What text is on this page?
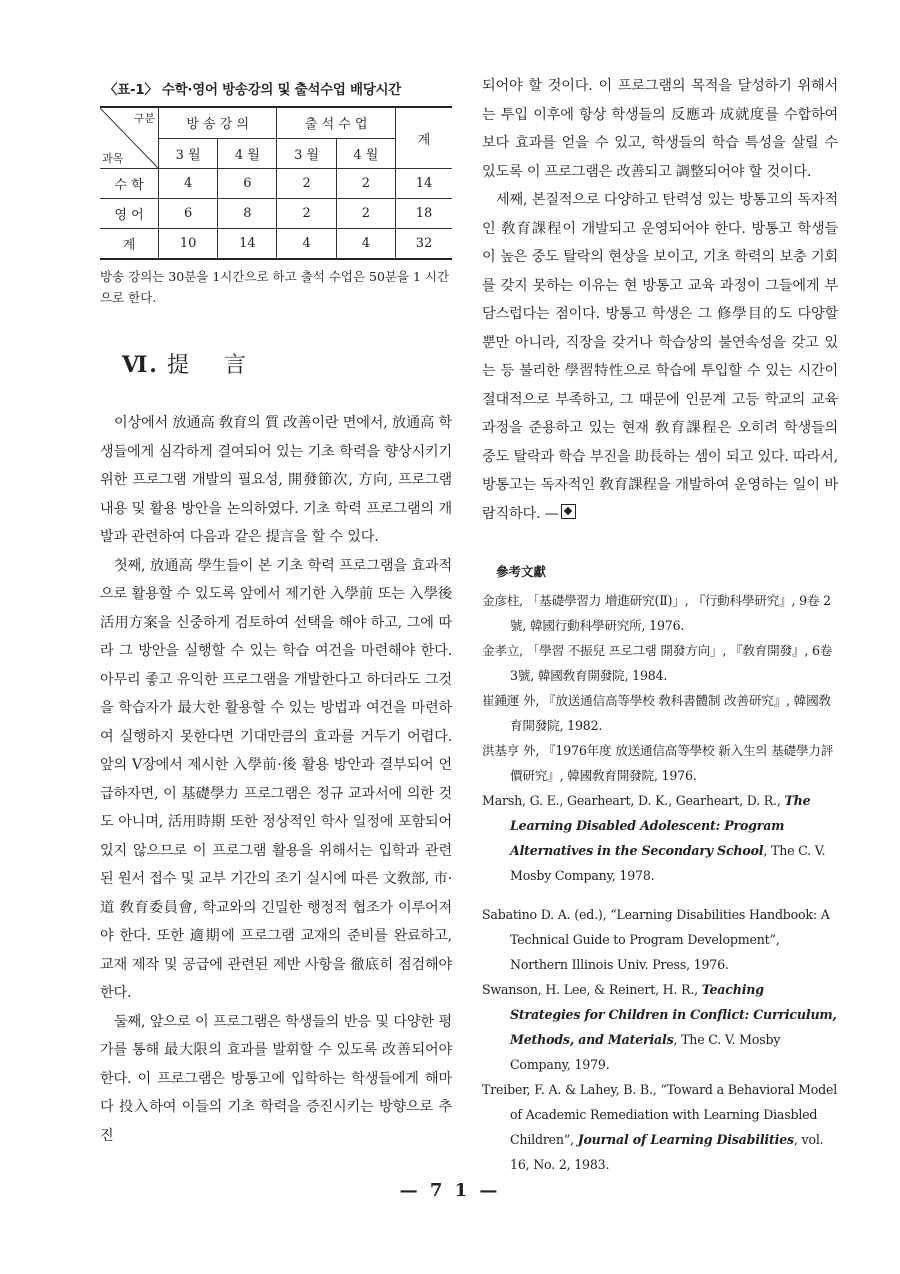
〈표-1〉 수학·영어 방송강의 및 출석수업 배당시간
구분
과목	방 송 강 의		출 석 수 업		계
	3 월	4 월	3 월	4 월	
수 학	4	6	2	2	14
영 어	6	8	2	2	18
계	10	14	4	4	32
방송 강의는 30분을 1시간으로 하고 출석 수업은 50분을 1 시간으로 한다.
Ⅵ. 提 言

이상에서 放通高 敎育의 質 改善이란 면에서, 放通高 학생들에게 심각하게 결여되어 있는 기초 학력을 향상시키기 위한 프로그램 개발의 필요성, 開發節次, 方向, 프로그램 내용 및 활용 방안을 논의하였다. 기초 학력 프로그램의 개발과 관련하여 다음과 같은 提言을 할 수 있다.

첫째, 放通高 學生들이 본 기초 학력 프로그램을 효과적으로 활용할 수 있도록 앞에서 제기한 入學前 또는 入學後 活用方案을 신중하게 검토하여 선택을 해야 하고, 그에 따라 그 방안을 실행할 수 있는 학습 여건을 마련해야 한다. 아무리 좋고 유익한 프로그램을 개발한다고 하더라도 그것을 학습자가 最大한 활용할 수 있는 방법과 여건을 마련하여 실행하지 못한다면 기대만큼의 효과를 거두기 어렵다. 앞의 V장에서 제시한 入學前·後 활용 방안과 결부되어 언급하자면, 이 基礎學力 프로그램은 정규 교과서에 의한 것도 아니며, 活用時期 또한 정상적인 학사 일정에 포함되어 있지 않으므로 이 프로그램 활용을 위해서는 입학과 관련된 원서 접수 및 교부 기간의 조기 실시에 따른 文敎部, 市·道 敎育委員會, 학교와의 긴밀한 행정적 협조가 이루어져야 한다. 또한 適期에 프로그램 교재의 준비를 완료하고, 교재 제작 및 공급에 관련된 제반 사항을 徹底히 점검해야 한다.

둘째, 앞으로 이 프로그램은 학생들의 반응 및 다양한 평가를 통해 最大限의 효과를 발휘할 수 있도록 改善되어야 한다. 이 프로그램은 방통고에 입학하는 학생들에게 해마다 投入하여 이들의 기초 학력을 증진시키는 방향으로 추진

되어야 할 것이다. 이 프로그램의 목적을 달성하기 위해서는 투입 이후에 항상 학생들의 反應과 成就度를 수합하여 보다 효과를 얻을 수 있고, 학생들의 학습 특성을 살릴 수 있도록 이 프로그램은 改善되고 調整되어야 할 것이다.

세째, 본질적으로 다양하고 탄력성 있는 방통고의 독자적인 敎育課程이 개발되고 운영되어야 한다. 방통고 학생들이 높은 중도 탈락의 현상을 보이고, 기초 학력의 보충 기회를 갖지 못하는 이유는 현 방통고 교육 과정이 그들에게 부담스럽다는 점이다. 방통고 학생은 그 修學目的도 다양할 뿐만 아니라, 직장을 갖거나 학습상의 불연속성을 갖고 있는 등 불리한 學習特性으로 학습에 투입할 수 있는 시간이 절대적으로 부족하고, 그 때문에 인문계 고등 학교의 교육과정을 준용하고 있는 현재 敎育課程은 오히려 학생들의 중도 탈락과 학습 부진을 助長하는 셈이 되고 있다. 따라서, 방통고는 독자적인 敎育課程을 개발하여 운영하는 일이 바람직하다. —

參考文獻
金彦柱, 「基礎學習力 增進研究(Ⅱ)」, 『行動科學研究』, 9卷 2號, 韓國行動科學研究所, 1976.
金孝立, 「學習 不振兒 프로그램 開發方向」, 『敎育開發』, 6卷 3號, 韓國敎育開發院, 1984.
崔鍾運 外, 『放送通信高等學校 敎科書體制 改善研究』, 韓國敎育開發院, 1982.
洪基亨 外, 『1976年度 放送通信高等學校 新入生의 基礎學力評價研究』, 韓國敎育開發院, 1976.
Marsh, G. E., Gearheart, D. K., Gearheart, D. R., The Learning Disabled Adolescent: Program Alternatives in the Secondary School, The C. V. Mosby Company, 1978.
Sabatino D. A. (ed.), “Learning Disabilities Handbook: A Technical Guide to Program Development”, Northern Illinois Univ. Press, 1976.
Swanson, H. Lee, & Reinert, H. R., Teaching Strategies for Children in Conflict: Curriculum, Methods, and Materials, The C. V. Mosby Company, 1979.
Treiber, F. A. & Lahey, B. B., “Toward a Behavioral Model of Academic Remediation with Learning Diasbled Children”, Journal of Learning Disabilities, vol. 16, No. 2, 1983.
— 7 1 —
